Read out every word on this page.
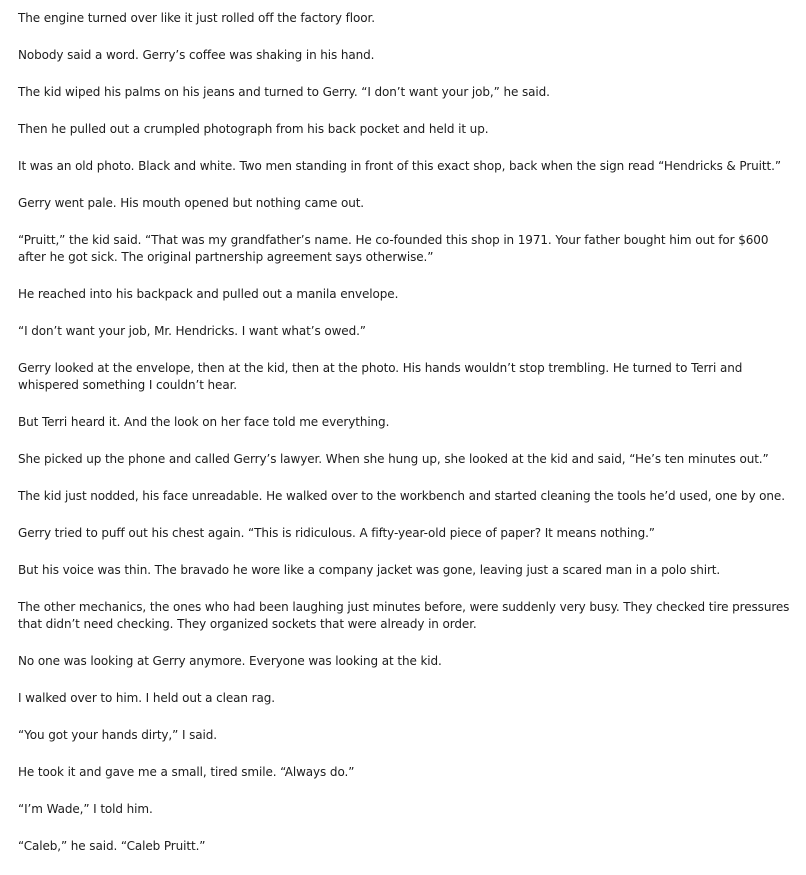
The engine turned over like it just rolled off the factory floor.

Nobody said a word. Gerry’s coffee was shaking in his hand.

The kid wiped his palms on his jeans and turned to Gerry. “I don’t want your job,” he said.

Then he pulled out a crumpled photograph from his back pocket and held it up.

It was an old photo. Black and white. Two men standing in front of this exact shop, back when the sign read “Hendricks & Pruitt.”

Gerry went pale. His mouth opened but nothing came out.

“Pruitt,” the kid said. “That was my grandfather’s name. He co-founded this shop in 1971. Your father bought him out for $600 after he got sick. The original partnership agreement says otherwise.”

He reached into his backpack and pulled out a manila envelope.

“I don’t want your job, Mr. Hendricks. I want what’s owed.”

Gerry looked at the envelope, then at the kid, then at the photo. His hands wouldn’t stop trembling. He turned to Terri and whispered something I couldn’t hear.

But Terri heard it. And the look on her face told me everything.

She picked up the phone and called Gerry’s lawyer. When she hung up, she looked at the kid and said, “He’s ten minutes out.”

The kid just nodded, his face unreadable. He walked over to the workbench and started cleaning the tools he’d used, one by one.

Gerry tried to puff out his chest again. “This is ridiculous. A fifty-year-old piece of paper? It means nothing.”

But his voice was thin. The bravado he wore like a company jacket was gone, leaving just a scared man in a polo shirt.

The other mechanics, the ones who had been laughing just minutes before, were suddenly very busy. They checked tire pressures that didn’t need checking. They organized sockets that were already in order.

No one was looking at Gerry anymore. Everyone was looking at the kid.

I walked over to him. I held out a clean rag.

“You got your hands dirty,” I said.

He took it and gave me a small, tired smile. “Always do.”

“I’m Wade,” I told him.

“Caleb,” he said. “Caleb Pruitt.”
